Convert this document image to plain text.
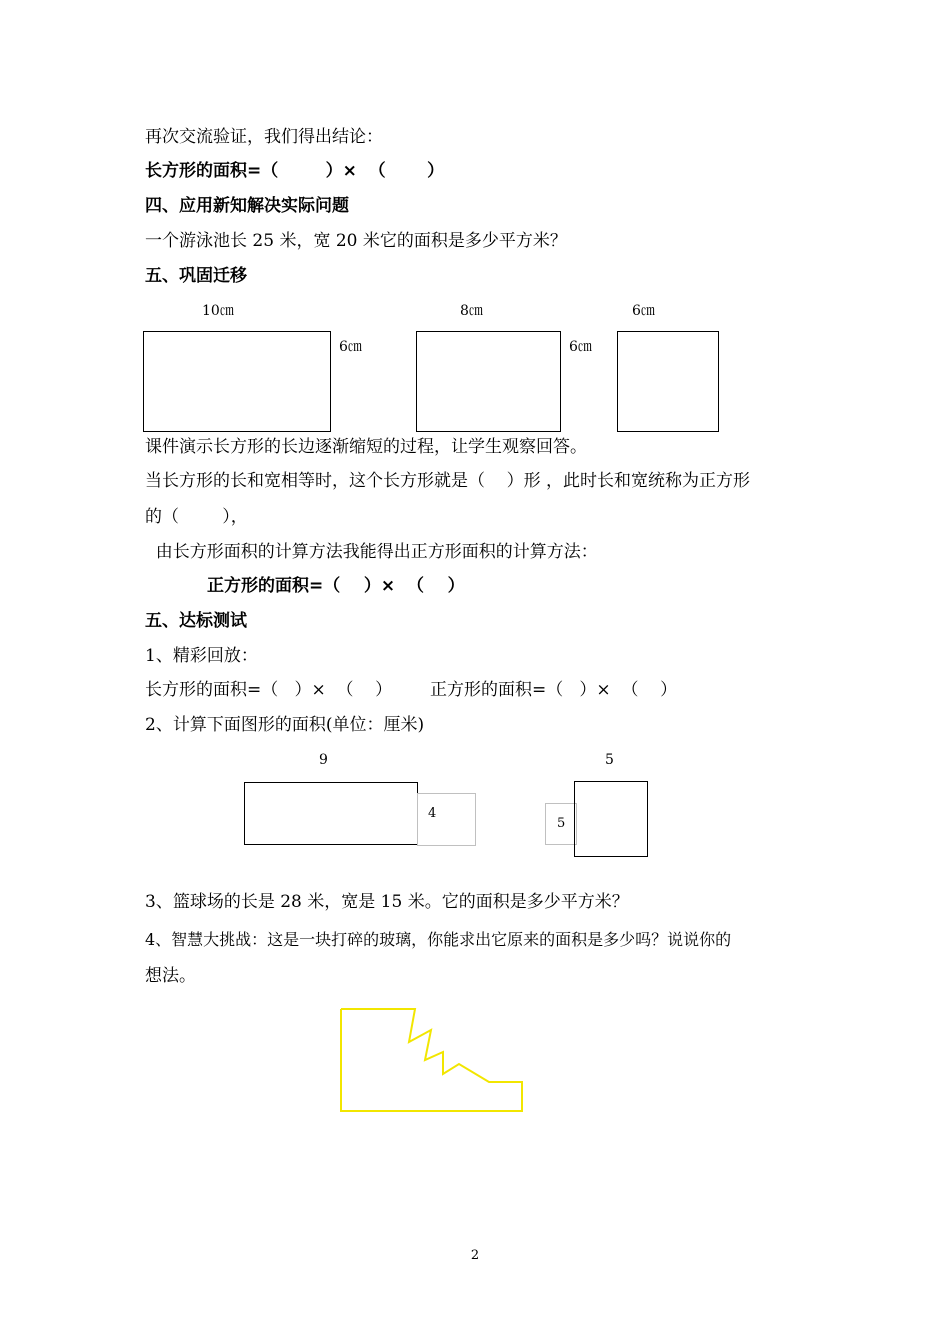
再次交流验证，我们得出结论：
长方形的面积=（        ）×  （       ）
四、应用新知解决实际问题
一个游泳池长 25 米，宽 20 米它的面积是多少平方米？
五、巩固迁移
10㎝
6㎝
8㎝
6㎝
6㎝
课件演示长方形的长边逐渐缩短的过程，让学生观察回答。
当长方形的长和宽相等时，这个长方形就是（    ）形 ，此时长和宽统称为正方形
的（        ），
由长方形面积的计算方法我能得出正方形面积的计算方法：
正方形的面积=（    ）×  （    ）
五、达标测试
1、精彩回放：
长方形的面积=（   ）×  （    ）       正方形的面积=（   ）×  （    ）
2、计算下面图形的面积(单位：厘米)
9
4
5
5
3、篮球场的长是 28 米，宽是 15 米。它的面积是多少平方米？
4、智慧大挑战：这是一块打碎的玻璃，你能求出它原来的面积是多少吗？说说你的
想法。
2
